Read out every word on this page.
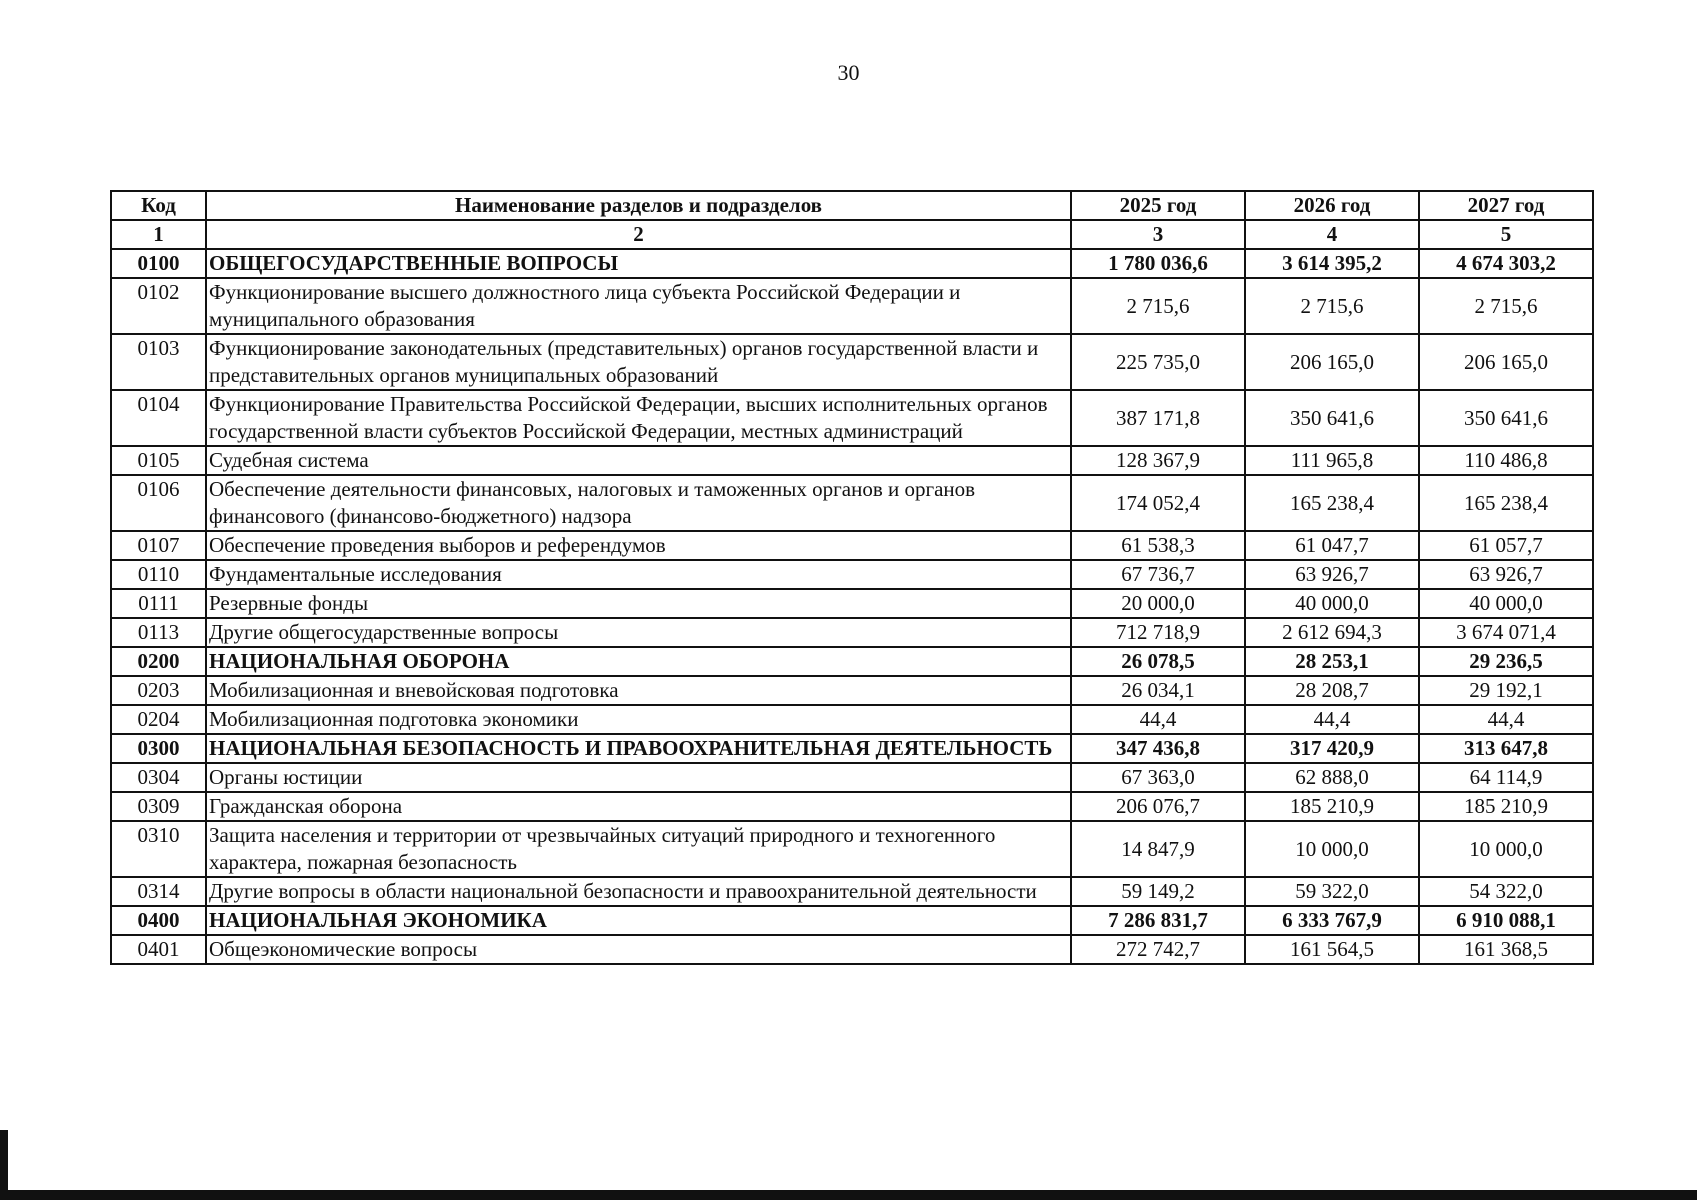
30
Код	Наименование разделов и подразделов	2025 год	2026 год	2027 год
1	2	3	4	5
0100	ОБЩЕГОСУДАРСТВЕННЫЕ ВОПРОСЫ	1 780 036,6	3 614 395,2	4 674 303,2
0102	Функционирование высшего должностного лица субъекта Российской Федерации и муниципального образования	2 715,6	2 715,6	2 715,6
0103	Функционирование законодательных (представительных) органов государственной власти и представительных органов муниципальных образований	225 735,0	206 165,0	206 165,0
0104	Функционирование Правительства Российской Федерации, высших исполнительных органов государственной власти субъектов Российской Федерации, местных администраций	387 171,8	350 641,6	350 641,6
0105	Судебная система	128 367,9	111 965,8	110 486,8
0106	Обеспечение деятельности финансовых, налоговых и таможенных органов и органов финансового (финансово-бюджетного) надзора	174 052,4	165 238,4	165 238,4
0107	Обеспечение проведения выборов и референдумов	61 538,3	61 047,7	61 057,7
0110	Фундаментальные исследования	67 736,7	63 926,7	63 926,7
0111	Резервные фонды	20 000,0	40 000,0	40 000,0
0113	Другие общегосударственные вопросы	712 718,9	2 612 694,3	3 674 071,4
0200	НАЦИОНАЛЬНАЯ ОБОРОНА	26 078,5	28 253,1	29 236,5
0203	Мобилизационная и вневойсковая подготовка	26 034,1	28 208,7	29 192,1
0204	Мобилизационная подготовка экономики	44,4	44,4	44,4
0300	НАЦИОНАЛЬНАЯ БЕЗОПАСНОСТЬ И ПРАВООХРАНИТЕЛЬНАЯ ДЕЯТЕЛЬНОСТЬ	347 436,8	317 420,9	313 647,8
0304	Органы юстиции	67 363,0	62 888,0	64 114,9
0309	Гражданская оборона	206 076,7	185 210,9	185 210,9
0310	Защита населения и территории от чрезвычайных ситуаций природного и техногенного характера, пожарная безопасность	14 847,9	10 000,0	10 000,0
0314	Другие вопросы в области национальной безопасности и правоохранительной деятельности	59 149,2	59 322,0	54 322,0
0400	НАЦИОНАЛЬНАЯ ЭКОНОМИКА	7 286 831,7	6 333 767,9	6 910 088,1
0401	Общеэкономические вопросы	272 742,7	161 564,5	161 368,5
